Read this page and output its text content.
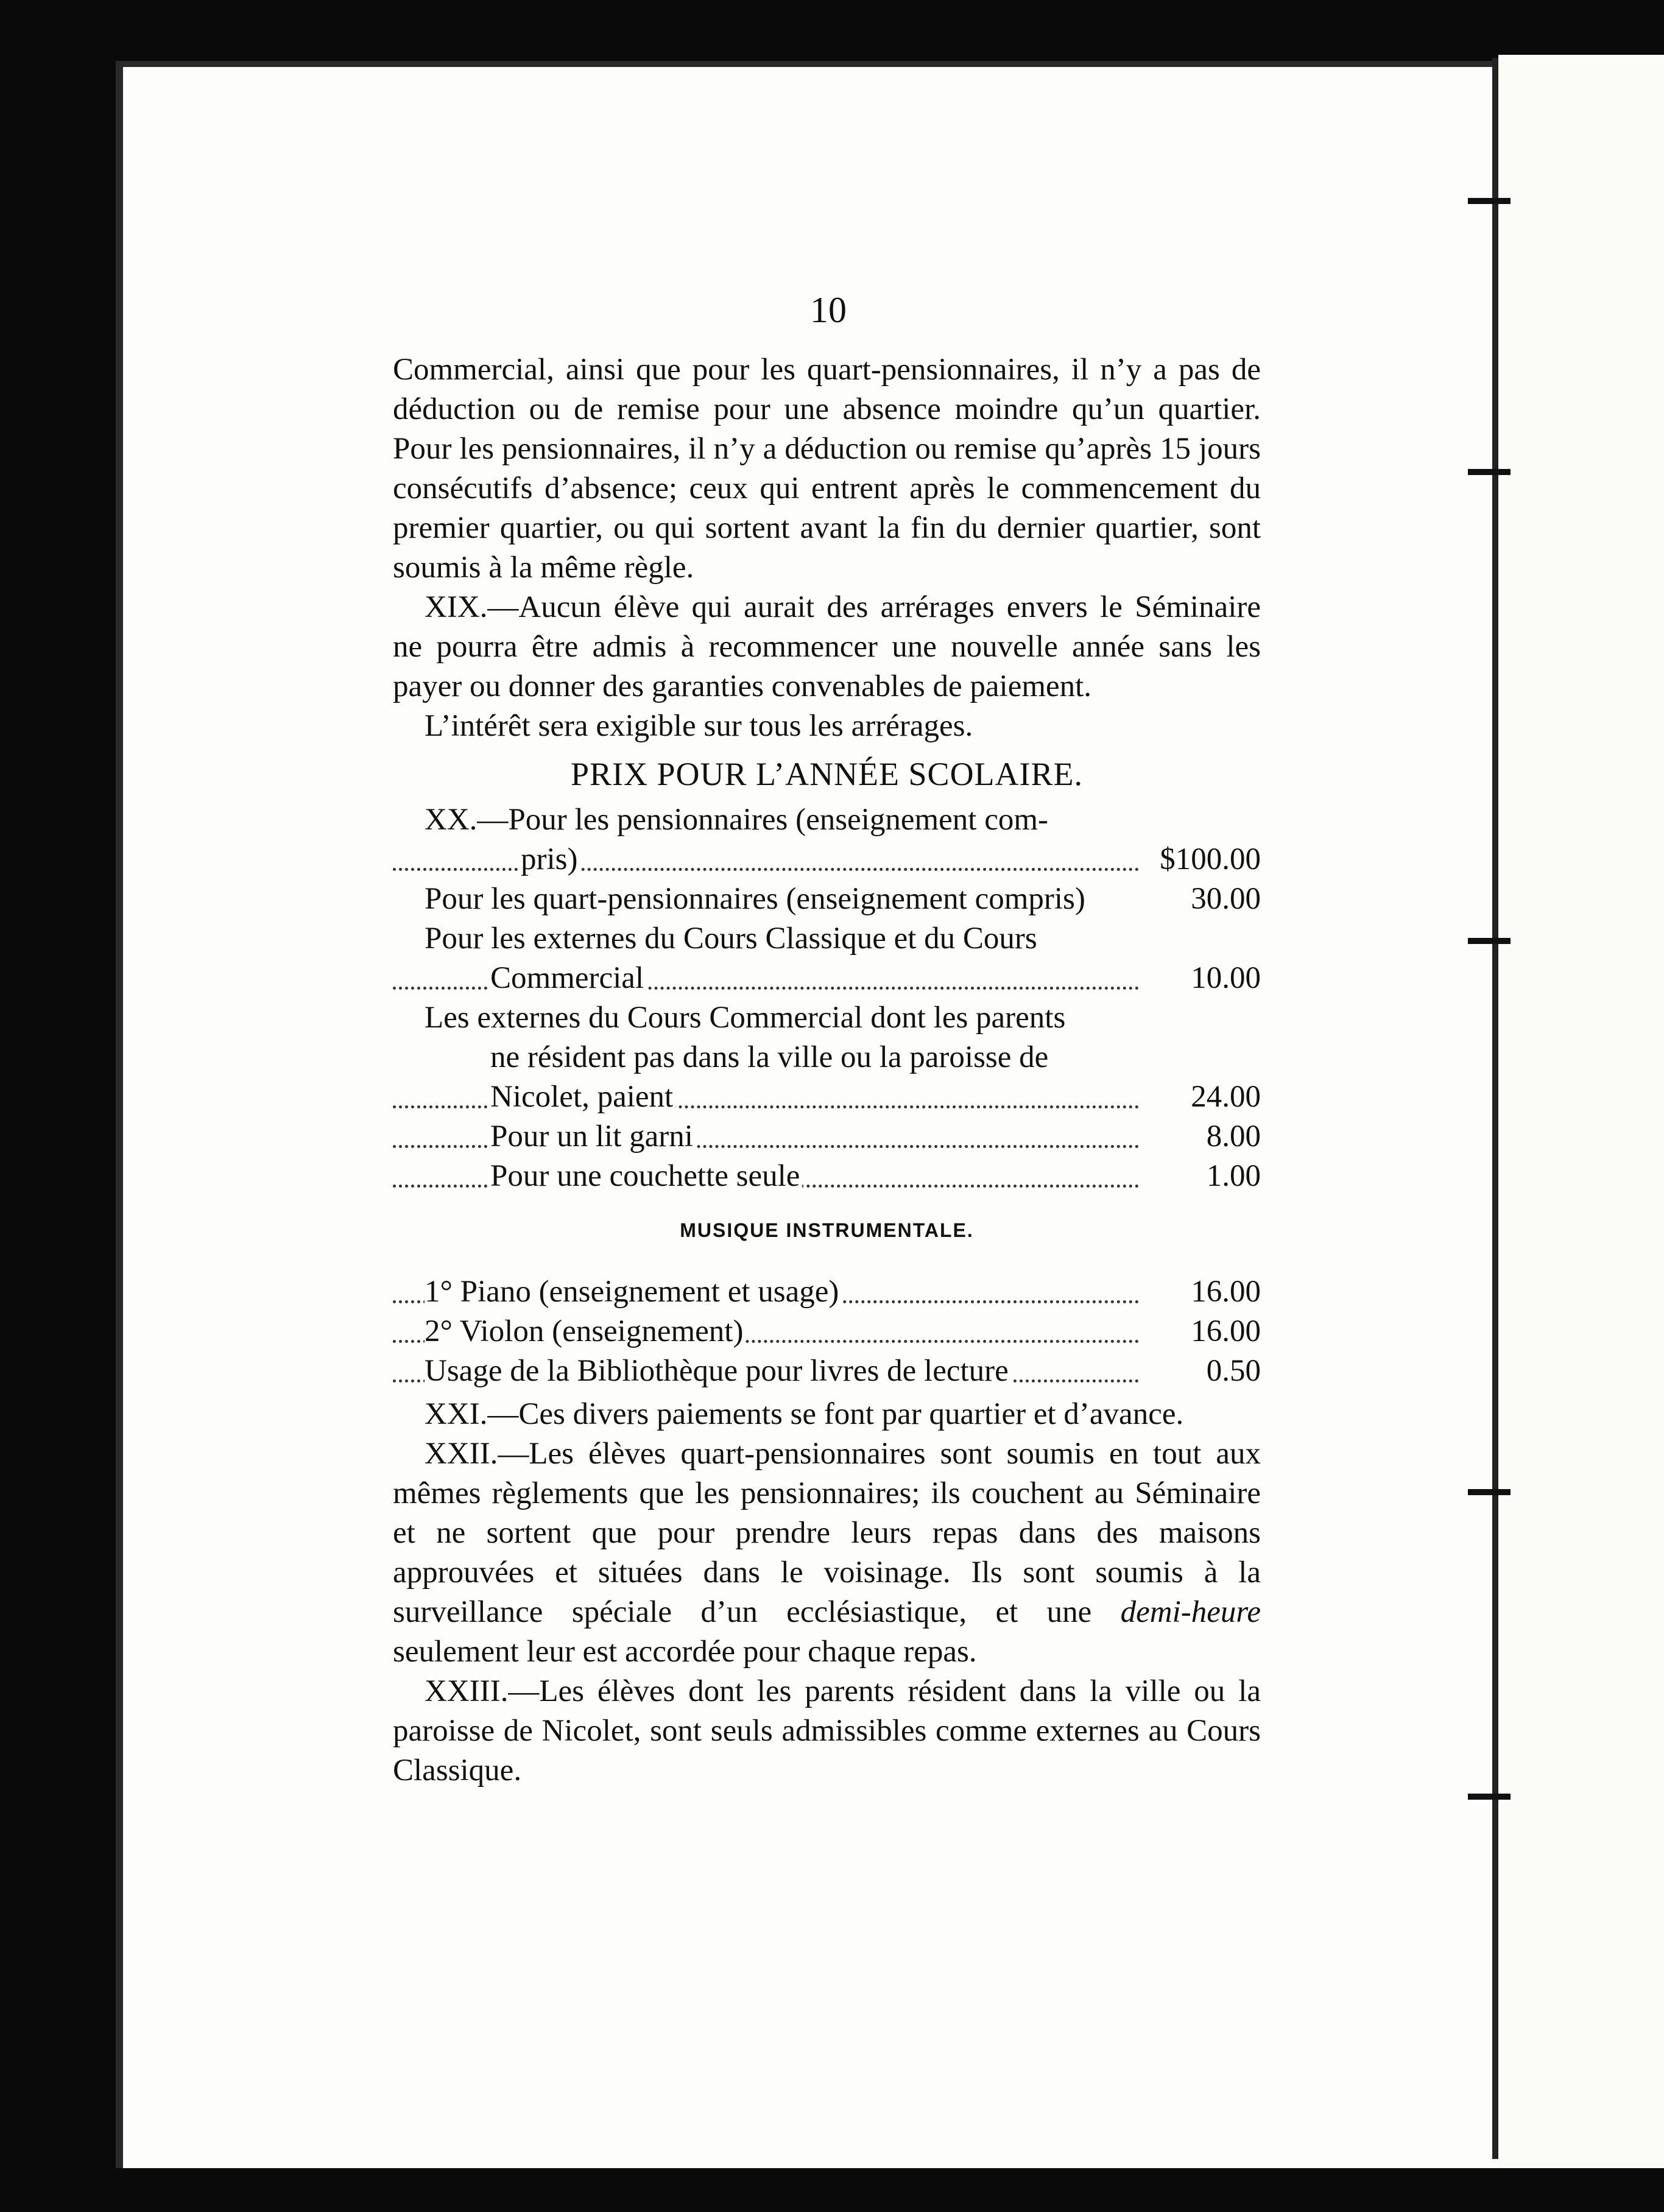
10

Commercial, ainsi que pour les quart-pensionnaires, il n’y a pas de déduction ou de remise pour une absence moindre qu’un quartier. Pour les pensionnaires, il n’y a déduction ou remise qu’après 15 jours consécutifs d’absence; ceux qui entrent après le commencement du premier quartier, ou qui sortent avant la fin du dernier quartier, sont soumis à la même règle.

XIX.—Aucun élève qui aurait des arrérages envers le Séminaire ne pourra être admis à recommencer une nouvelle année sans les payer ou donner des garanties convenables de paiement.

L’intérêt sera exigible sur tous les arrérages.

PRIX POUR L’ANNÉE SCOLAIRE.
XX.—Pour les pensionnaires (enseignement com-
pris)	$100.00
Pour les quart-pensionnaires (enseignement compris)	30.00
Pour les externes du Cours Classique et du Cours	

Commercial	10.00
Les externes du Cours Commercial dont les parents	
ne résident pas dans la ville ou la paroisse de	

Nicolet, paient	24.00

Pour un lit garni	8.00

Pour une couchette seule	1.00
MUSIQUE INSTRUMENTALE.
1° Piano (enseignement et usage)	16.00

2° Violon (enseignement)	16.00

Usage de la Bibliothèque pour livres de lecture	0.50

XXI.—Ces divers paiements se font par quartier et d’avance.

XXII.—Les élèves quart-pensionnaires sont soumis en tout aux mêmes règlements que les pensionnaires; ils couchent au Séminaire et ne sortent que pour prendre leurs repas dans des maisons approuvées et situées dans le voisinage. Ils sont soumis à la surveillance spéciale d’un ecclésiastique, et une demi-heure seulement leur est accordée pour chaque repas.

XXIII.—Les élèves dont les parents résident dans la ville ou la paroisse de Nicolet, sont seuls admissibles comme externes au Cours Classique.
